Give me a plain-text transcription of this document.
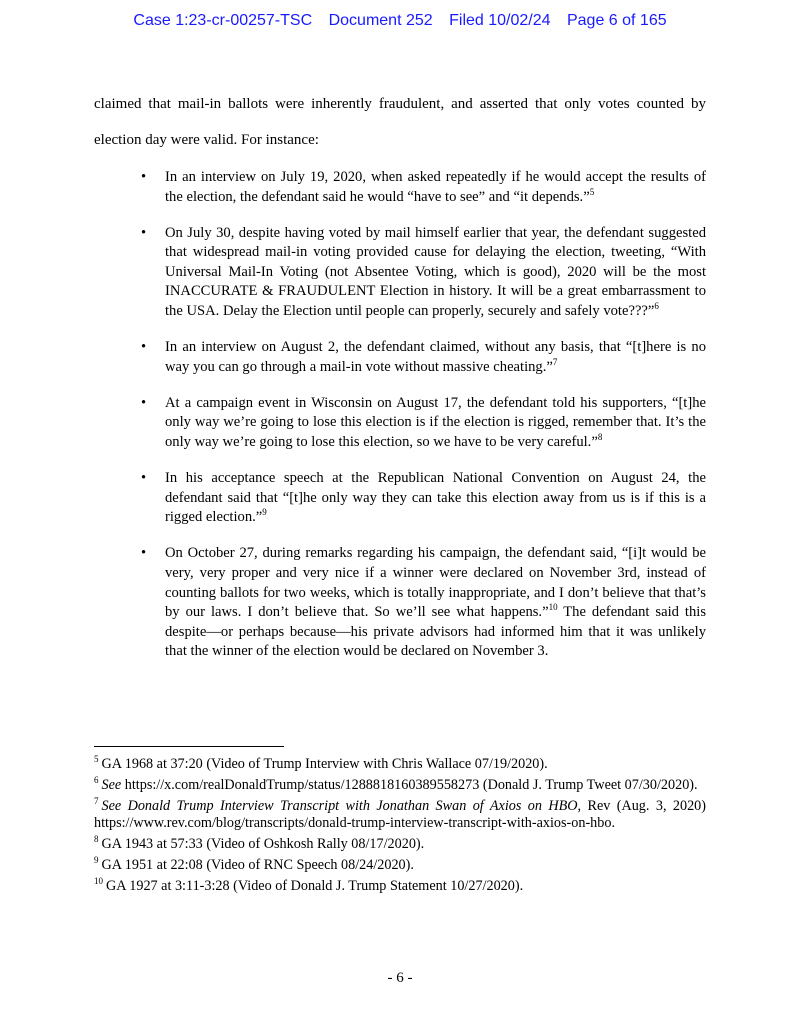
Case 1:23-cr-00257-TSC Document 252 Filed 10/02/24 Page 6 of 165
claimed that mail-in ballots were inherently fraudulent, and asserted that only votes counted by election day were valid. For instance:
• In an interview on July 19, 2020, when asked repeatedly if he would accept the results of the election, the defendant said he would “have to see” and “it depends.”$^5$
• On July 30, despite having voted by mail himself earlier that year, the defendant suggested that widespread mail-in voting provided cause for delaying the election, tweeting, “With Universal Mail-In Voting (not Absentee Voting, which is good), 2020 will be the most INACCURATE & FRAUDULENT Election in history. It will be a great embarrassment to the USA. Delay the Election until people can properly, securely and safely vote???”$^6$
• In an interview on August 2, the defendant claimed, without any basis, that “[t]here is no way you can go through a mail-in vote without massive cheating.”$^7$
• At a campaign event in Wisconsin on August 17, the defendant told his supporters, “[t]he only way we’re going to lose this election is if the election is rigged, remember that. It’s the only way we’re going to lose this election, so we have to be very careful.”$^8$
• In his acceptance speech at the Republican National Convention on August 24, the defendant said that “[t]he only way they can take this election away from us is if this is a rigged election.”$^9$
• On October 27, during remarks regarding his campaign, the defendant said, “[i]t would be very, very proper and very nice if a winner were declared on November 3rd, instead of counting ballots for two weeks, which is totally inappropriate, and I don’t believe that that’s by our laws. I don’t believe that. So we’ll see what happens.”$^{10}$ The defendant said this despite—or perhaps because—his private advisors had informed him that it was unlikely that the winner of the election would be declared on November 3.

$^5$ GA 1968 at 37:20 (Video of Trump Interview with Chris Wallace 07/19/2020).

$^6$ See https://x.com/realDonaldTrump/status/1288818160389558273 (Donald J. Trump Tweet 07/30/2020).

$^7$ See Donald Trump Interview Transcript with Jonathan Swan of Axios on HBO, Rev (Aug. 3, 2020) https://www.rev.com/blog/transcripts/donald-trump-interview-transcript-with-axios-on-hbo.

$^8$ GA 1943 at 57:33 (Video of Oshkosh Rally 08/17/2020).

$^9$ GA 1951 at 22:08 (Video of RNC Speech 08/24/2020).

$^{10}$ GA 1927 at 3:11-3:28 (Video of Donald J. Trump Statement 10/27/2020).

- 6 -
